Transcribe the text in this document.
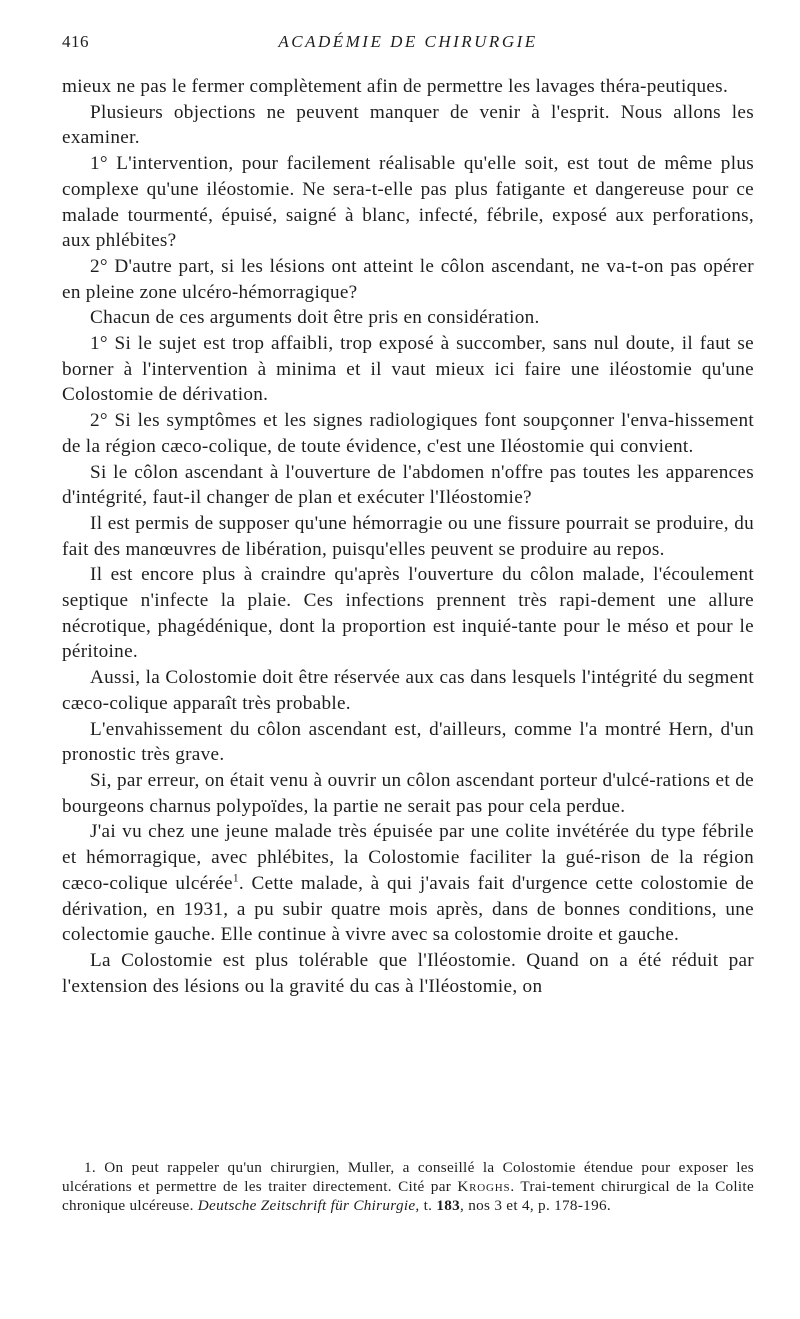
416	ACADÉMIE DE CHIRURGIE

mieux ne pas le fermer complètement afin de permettre les lavages théra-peutiques.

Plusieurs objections ne peuvent manquer de venir à l'esprit. Nous allons les examiner.

1° L'intervention, pour facilement réalisable qu'elle soit, est tout de même plus complexe qu'une iléostomie. Ne sera-t-elle pas plus fatigante et dangereuse pour ce malade tourmenté, épuisé, saigné à blanc, infecté, fébrile, exposé aux perforations, aux phlébites?

2° D'autre part, si les lésions ont atteint le côlon ascendant, ne va-t-on pas opérer en pleine zone ulcéro-hémorragique?

Chacun de ces arguments doit être pris en considération.

1° Si le sujet est trop affaibli, trop exposé à succomber, sans nul doute, il faut se borner à l'intervention à minima et il vaut mieux ici faire une iléostomie qu'une Colostomie de dérivation.

2° Si les symptômes et les signes radiologiques font soupçonner l'enva-hissement de la région cæco-colique, de toute évidence, c'est une Iléostomie qui convient.

Si le côlon ascendant à l'ouverture de l'abdomen n'offre pas toutes les apparences d'intégrité, faut-il changer de plan et exécuter l'Iléostomie?

Il est permis de supposer qu'une hémorragie ou une fissure pourrait se produire, du fait des manœuvres de libération, puisqu'elles peuvent se produire au repos.

Il est encore plus à craindre qu'après l'ouverture du côlon malade, l'écoulement septique n'infecte la plaie. Ces infections prennent très rapi-dement une allure nécrotique, phagédénique, dont la proportion est inquié-tante pour le méso et pour le péritoine.

Aussi, la Colostomie doit être réservée aux cas dans lesquels l'intégrité du segment cæco-colique apparaît très probable.

L'envahissement du côlon ascendant est, d'ailleurs, comme l'a montré Hern, d'un pronostic très grave.

Si, par erreur, on était venu à ouvrir un côlon ascendant porteur d'ulcé-rations et de bourgeons charnus polypoïdes, la partie ne serait pas pour cela perdue.

J'ai vu chez une jeune malade très épuisée par une colite invétérée du type fébrile et hémorragique, avec phlébites, la Colostomie faciliter la gué-rison de la région cæco-colique ulcérée$^1$. Cette malade, à qui j'avais fait d'urgence cette colostomie de dérivation, en 1931, a pu subir quatre mois après, dans de bonnes conditions, une colectomie gauche. Elle continue à vivre avec sa colostomie droite et gauche.

La Colostomie est plus tolérable que l'Iléostomie. Quand on a été réduit par l'extension des lésions ou la gravité du cas à l'Iléostomie, on

1. On peut rappeler qu'un chirurgien, Muller, a conseillé la Colostomie étendue pour exposer les ulcérations et permettre de les traiter directement. Cité par Kroghs. Trai-tement chirurgical de la Colite chronique ulcéreuse. Deutsche Zeitschrift für Chirurgie, t. 183, nos 3 et 4, p. 178-196.
